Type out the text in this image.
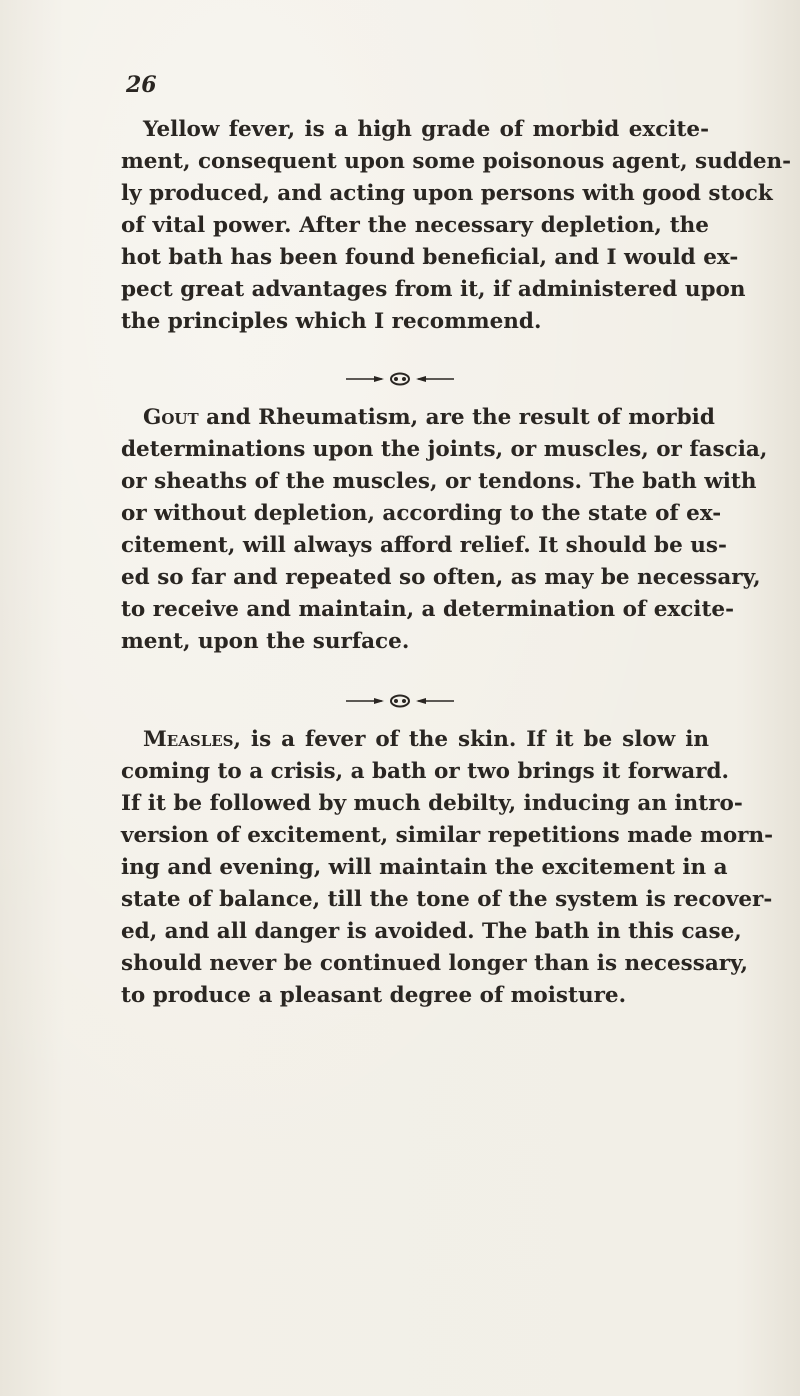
26
Yellow fever, is a high grade of morbid excite-
ment, consequent upon some poisonous agent, sudden-
ly produced, and acting upon persons with good stock
of vital power. After the necessary depletion, the
hot bath has been found beneficial, and I would ex-
pect great advantages from it, if administered upon
the principles which I recommend.
Gout and Rheumatism, are the result of morbid
determinations upon the joints, or muscles, or fascia,
or sheaths of the muscles, or tendons. The bath with
or without depletion, according to the state of ex-
citement, will always afford relief. It should be us-
ed so far and repeated so often, as may be necessary,
to receive and maintain, a determination of excite-
ment, upon the surface.
Measles, is a fever of the skin. If it be slow in
coming to a crisis, a bath or two brings it forward.
If it be followed by much debilty, inducing an intro-
version of excitement, similar repetitions made morn-
ing and evening, will maintain the excitement in a
state of balance, till the tone of the system is recover-
ed, and all danger is avoided. The bath in this case,
should never be continued longer than is necessary,
to produce a pleasant degree of moisture.
